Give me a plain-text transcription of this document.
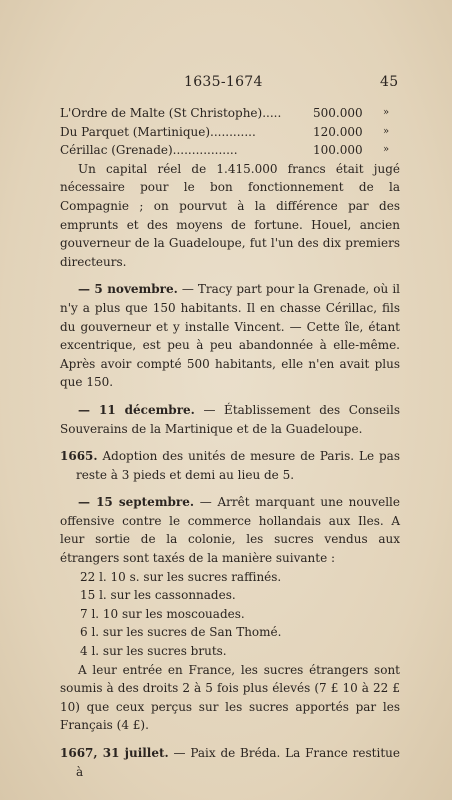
1635-1674	45
L'Ordre de Malte (St Christophe).....	500.000 »
Du Parquet (Martinique)............	120.000 »
Cérillac (Grenade).................	100.000 »

Un capital réel de 1.415.000 francs était jugé nécessaire pour le bon fonctionnement de la Compagnie ; on pourvut à la différence par des emprunts et des moyens de fortune. Houel, ancien gouverneur de la Guadeloupe, fut l'un des dix premiers directeurs.

— 5 novembre. — Tracy part pour la Grenade, où il n'y a plus que 150 habitants. Il en chasse Cérillac, fils du gouverneur et y installe Vincent. — Cette île, étant excentrique, est peu à peu abandonnée à elle-même. Après avoir compté 500 habitants, elle n'en avait plus que 150.

— 11 décembre. — Établissement des Conseils Souverains de la Martinique et de la Guadeloupe.

1665. Adoption des unités de mesure de Paris. Le pas reste à 3 pieds et demi au lieu de 5.

— 15 septembre. — Arrêt marquant une nouvelle offensive contre le commerce hollandais aux Iles. A leur sortie de la colonie, les sucres vendus aux étrangers sont taxés de la manière suivante :

22 l. 10 s. sur les sucres raffinés.
15 l. sur les cassonnades.
7 l. 10 sur les moscouades.
6 l. sur les sucres de San Thomé.
4 l. sur les sucres bruts.

A leur entrée en France, les sucres étrangers sont soumis à des droits 2 à 5 fois plus élevés (7 £ 10 à 22 £ 10) que ceux perçus sur les sucres apportés par les Français (4 £).

1667, 31 juillet. — Paix de Bréda. La France restitue à
